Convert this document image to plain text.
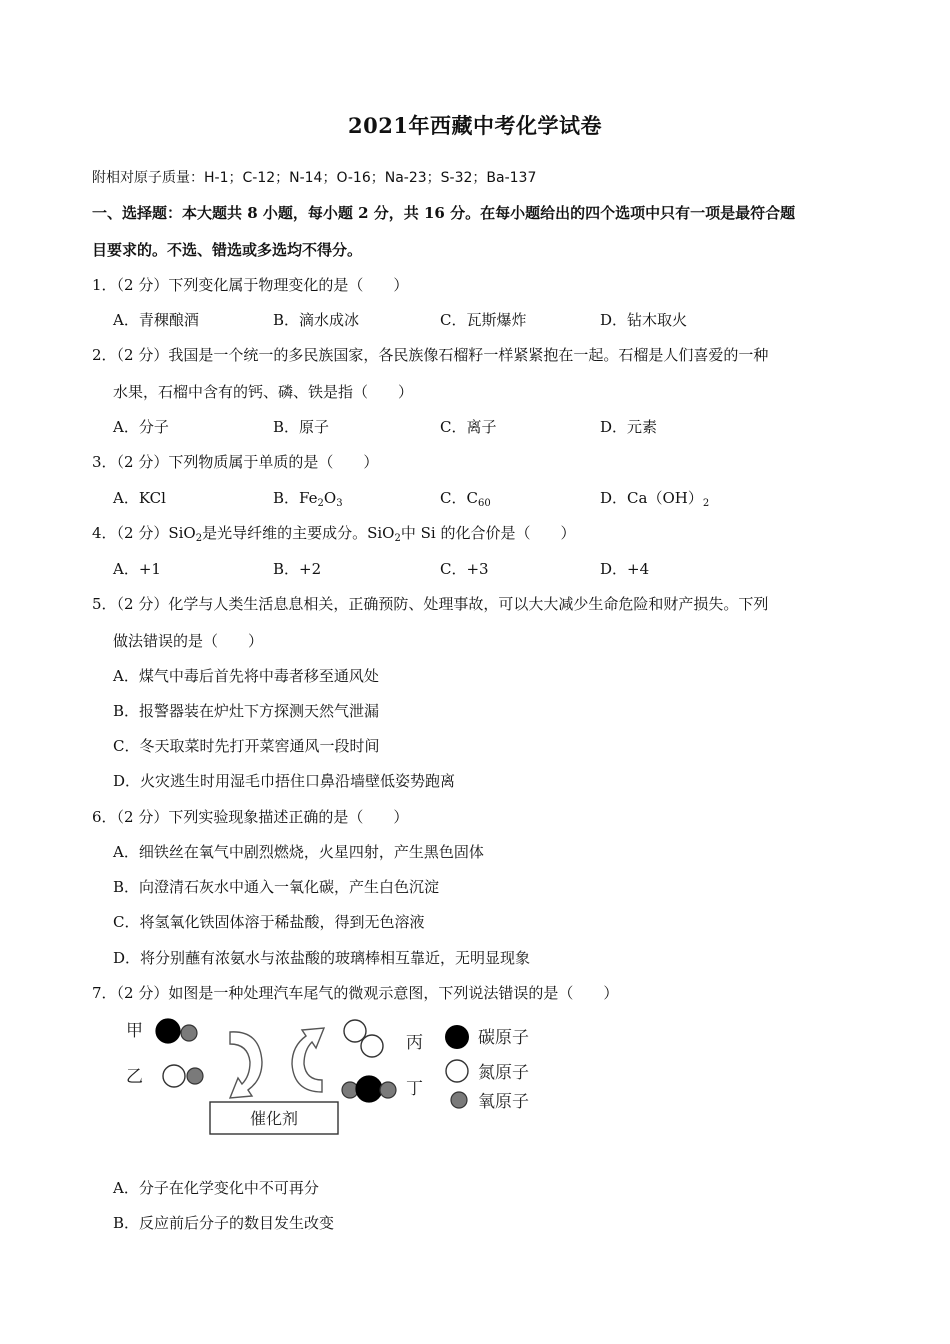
2021年西藏中考化学试卷
附相对原子质量：H-1；C-12；N-14；O-16；Na-23；S-32；Ba-137
一、选择题：本大题共 8 小题，每小题 2 分，共 16 分。在每小题给出的四个选项中只有一项是最符合题
目要求的。不选、错选或多选均不得分。
1．（2 分）下列变化属于物理变化的是（　　）
A．青稞酿酒	B．滴水成冰	C．瓦斯爆炸	D．钻木取火
2．（2 分）我国是一个统一的多民族国家，各民族像石榴籽一样紧紧抱在一起。石榴是人们喜爱的一种
水果，石榴中含有的钙、磷、铁是指（　　）
A．分子	B．原子	C．离子	D．元素
3．（2 分）下列物质属于单质的是（　　）
A．KCl	B．$Fe_2O_3$	C．$C_{60}$	D．$Ca(OH)_2$
4．（2 分）SiO$_2$是光导纤维的主要成分。SiO$_2$中 Si 的化合价是（　　）
A．+1	B．+2	C．+3	D．+4
5．（2 分）化学与人类生活息息相关，正确预防、处理事故，可以大大减少生命危险和财产损失。下列
做法错误的是（　　）
A．煤气中毒后首先将中毒者移至通风处
B．报警器装在炉灶下方探测天然气泄漏
C．冬天取菜时先打开菜窖通风一段时间
D．火灾逃生时用湿毛巾捂住口鼻沿墙壁低姿势跑离
6．（2 分）下列实验现象描述正确的是（　　）
A．细铁丝在氧气中剧烈燃烧，火星四射，产生黑色固体
B．向澄清石灰水中通入一氧化碳，产生白色沉淀
C．将氢氧化铁固体溶于稀盐酸，得到无色溶液
D．将分别蘸有浓氨水与浓盐酸的玻璃棒相互靠近，无明显现象
7．（2 分）如图是一种处理汽车尾气的微观示意图，下列说法错误的是（　　）
甲
乙
丙
丁
催化剂
碳原子
氮原子
氧原子
A．分子在化学变化中不可再分
B．反应前后分子的数目发生改变
